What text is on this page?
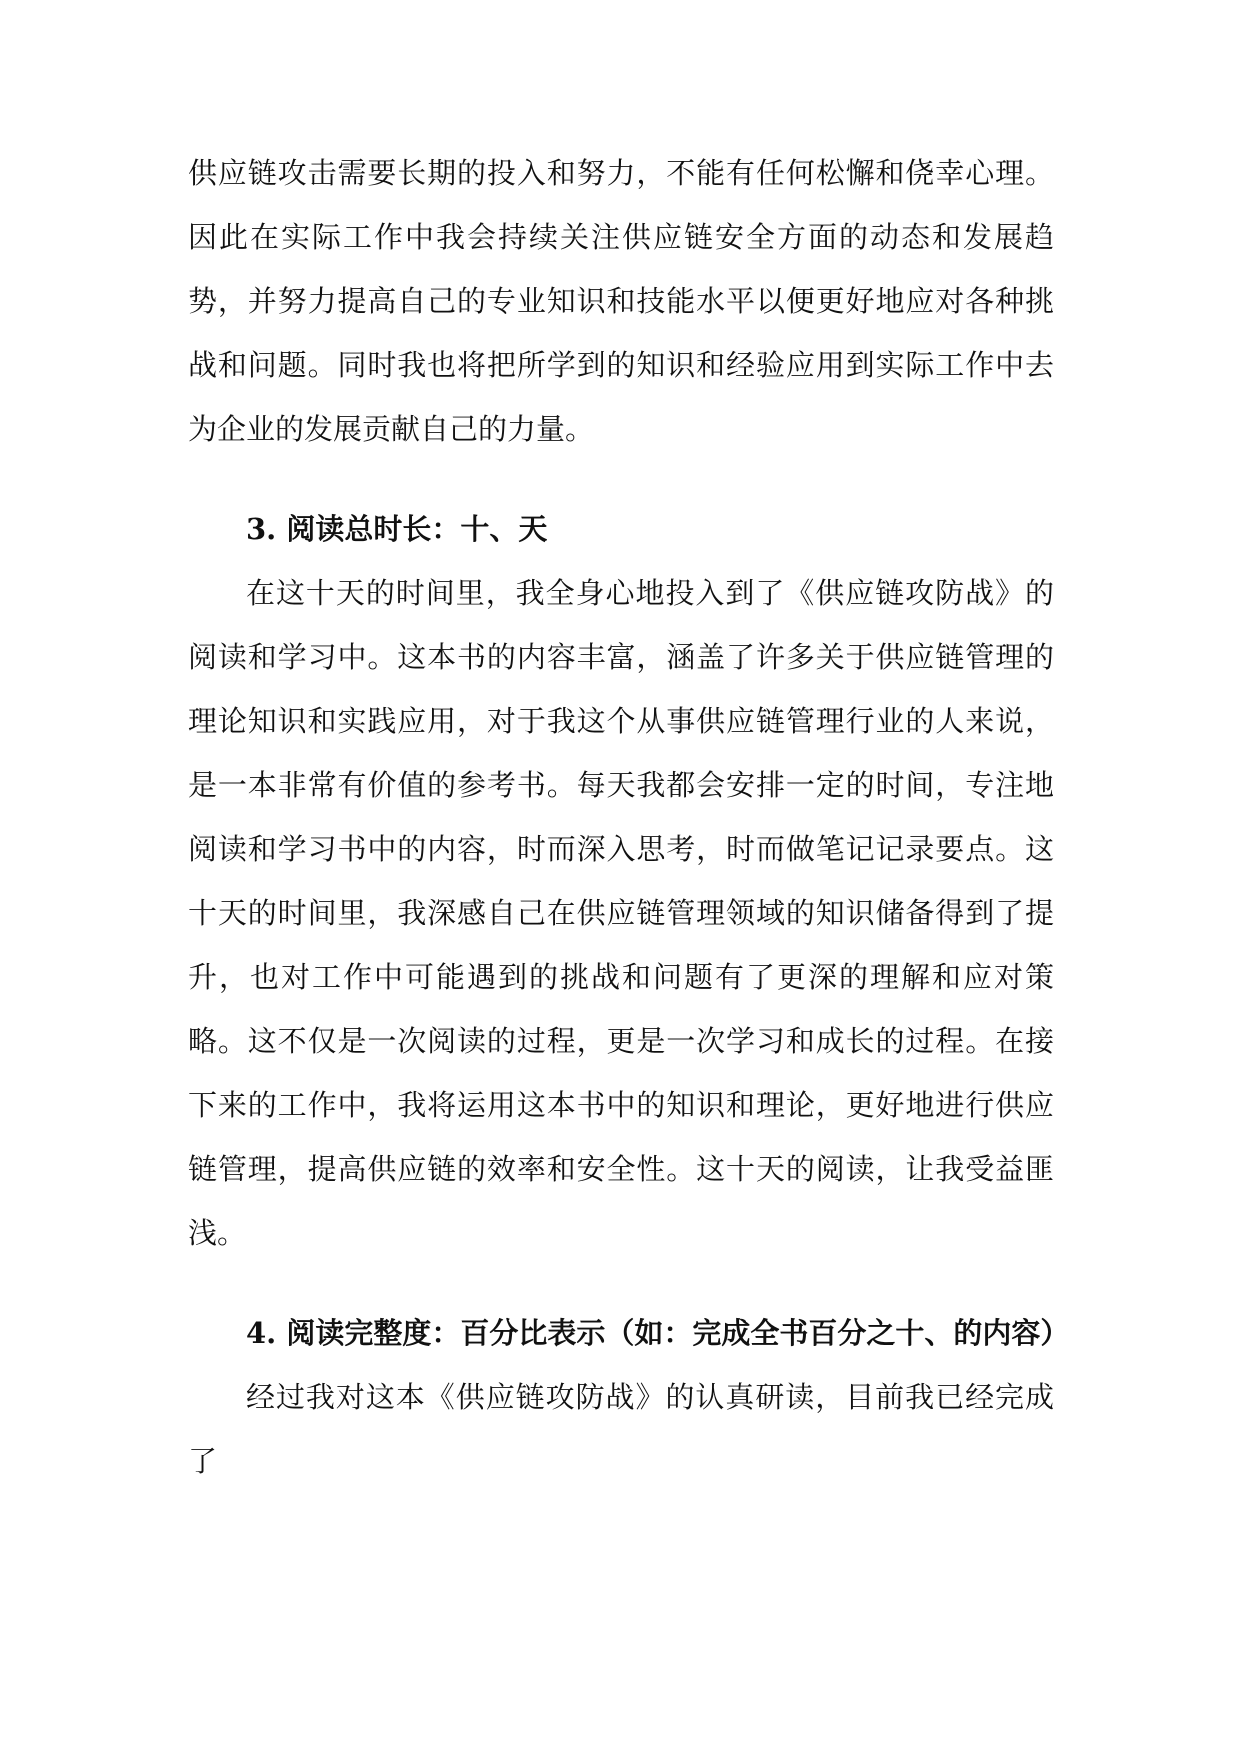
供应链攻击需要长期的投入和努力，不能有任何松懈和侥幸心理。因此在实际工作中我会持续关注供应链安全方面的动态和发展趋势，并努力提高自己的专业知识和技能水平以便更好地应对各种挑战和问题。同时我也将把所学到的知识和经验应用到实际工作中去为企业的发展贡献自己的力量。

3. 阅读总时长：十、天

在这十天的时间里，我全身心地投入到了《供应链攻防战》的阅读和学习中。这本书的内容丰富，涵盖了许多关于供应链管理的理论知识和实践应用，对于我这个从事供应链管理行业的人来说，是一本非常有价值的参考书。每天我都会安排一定的时间，专注地阅读和学习书中的内容，时而深入思考，时而做笔记记录要点。这十天的时间里，我深感自己在供应链管理领域的知识储备得到了提升，也对工作中可能遇到的挑战和问题有了更深的理解和应对策略。这不仅是一次阅读的过程，更是一次学习和成长的过程。在接下来的工作中，我将运用这本书中的知识和理论，更好地进行供应链管理，提高供应链的效率和安全性。这十天的阅读，让我受益匪浅。

4. 阅读完整度：百分比表示（如：完成全书百分之十、的内容）

经过我对这本《供应链攻防战》的认真研读，目前我已经完成了
